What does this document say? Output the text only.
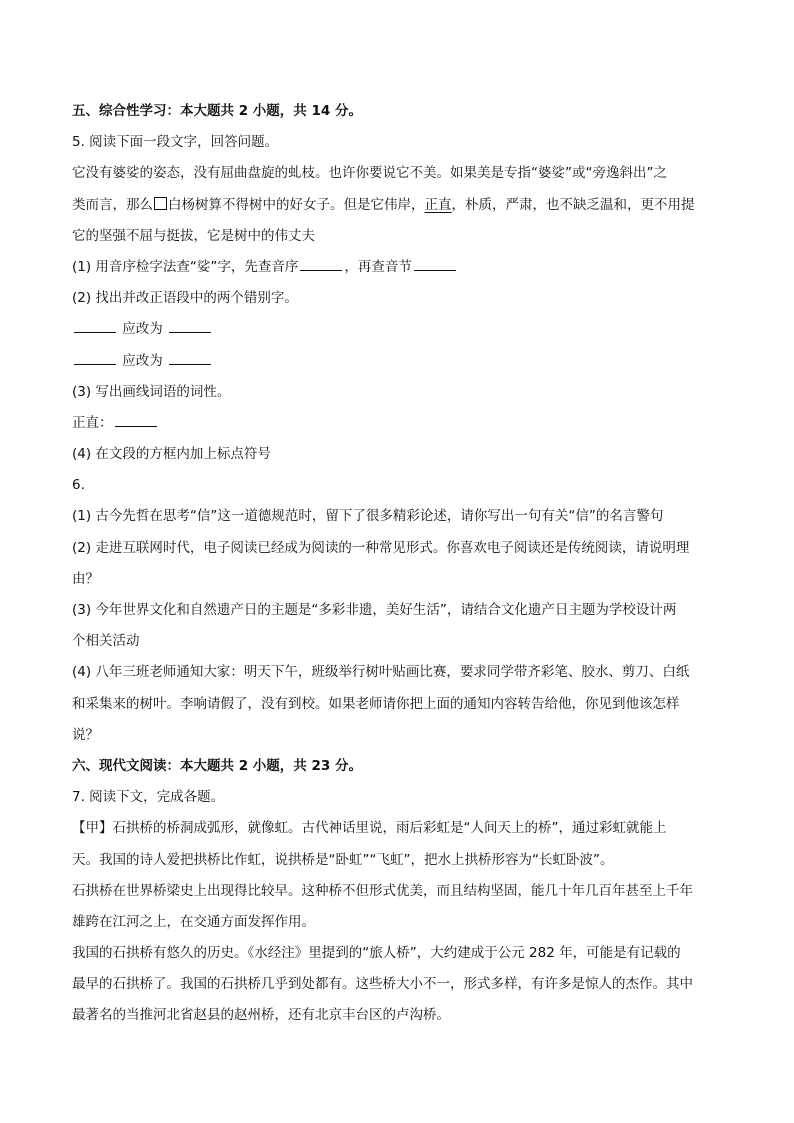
五、综合性学习：本大题共 2 小题，共 14 分。
5. 阅读下面一段文字，回答问题。
它没有婆娑的姿态，没有屈曲盘旋的虬枝。也许你要说它不美。如果美是专指“婆娑”或“旁逸斜出”之
类而言，那么 白杨树算不得树中的好女子。但是它伟岸，正直，朴质，严肃，也不缺乏温和，更不用提
它的坚强不屈与挺拔，它是树中的伟丈夫
(1) 用音序检字法查“娑”字，先查音序	，再查音节
(2) 找出并改正语段中的两个错别字。
应改为
应改为
(3) 写出画线词语的词性。
正直：
(4) 在文段的方框内加上标点符号
6.
(1) 古今先哲在思考“信”这一道德规范时，留下了很多精彩论述，请你写出一句有关“信”的名言警句
(2) 走进互联网时代，电子阅读已经成为阅读的一种常见形式。你喜欢电子阅读还是传统阅读，请说明理
由？
(3) 今年世界文化和自然遗产日的主题是“多彩非遗，美好生活”，请结合文化遗产日主题为学校设计两
个相关活动
(4) 八年三班老师通知大家：明天下午，班级举行树叶贴画比赛，要求同学带齐彩笔、胶水、剪刀、白纸
和采集来的树叶。李响请假了，没有到校。如果老师请你把上面的通知内容转告给他，你见到他该怎样
说？
六、现代文阅读：本大题共 2 小题，共 23 分。
7. 阅读下文，完成各题。
【甲】石拱桥的桥洞成弧形，就像虹。古代神话里说，雨后彩虹是“人间天上的桥”，通过彩虹就能上
天。我国的诗人爱把拱桥比作虹，说拱桥是“卧虹”“飞虹”，把水上拱桥形容为“长虹卧波”。
石拱桥在世界桥梁史上出现得比较早。这种桥不但形式优美，而且结构坚固，能几十年几百年甚至上千年
雄跨在江河之上，在交通方面发挥作用。
我国的石拱桥有悠久的历史。《水经注》里提到的“旅人桥”，大约建成于公元 282 年，可能是有记载的
最早的石拱桥了。我国的石拱桥几乎到处都有。这些桥大小不一，形式多样，有许多是惊人的杰作。其中
最著名的当推河北省赵县的赵州桥，还有北京丰台区的卢沟桥。
